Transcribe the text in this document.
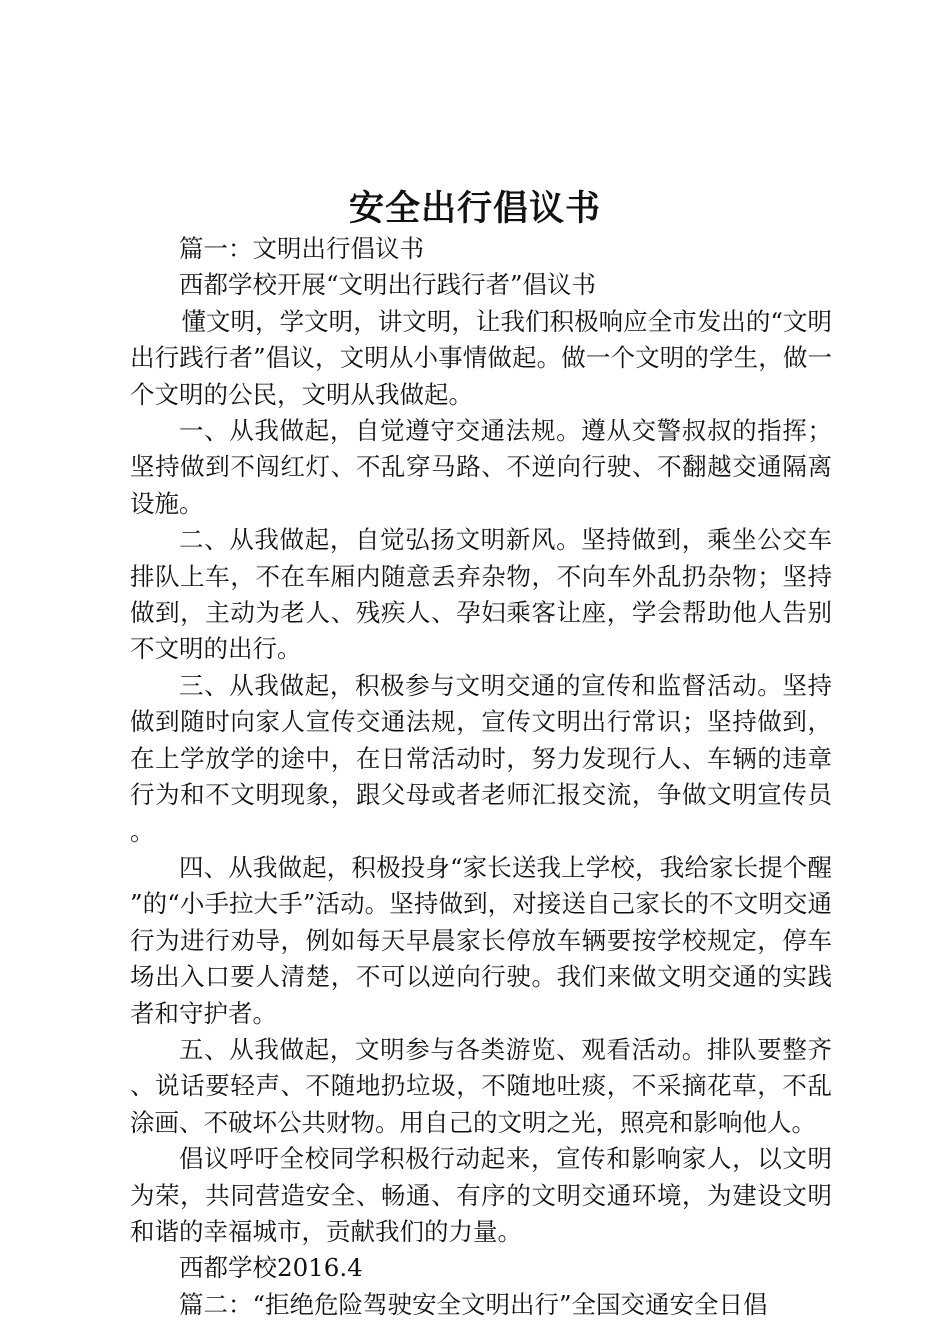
安全出行倡议书

篇一：文明出行倡议书

西都学校开展“文明出行践行者”倡议书

懂文明，学文明，讲文明，让我们积极响应全市发出的“文明出行践行者”倡议，文明从小事情做起。做一个文明的学生，做一个文明的公民，文明从我做起。

一、从我做起，自觉遵守交通法规。遵从交警叔叔的指挥；坚持做到不闯红灯、不乱穿马路、不逆向行驶、不翻越交通隔离设施。

二、从我做起，自觉弘扬文明新风。坚持做到，乘坐公交车排队上车，不在车厢内随意丢弃杂物，不向车外乱扔杂物；坚持做到，主动为老人、残疾人、孕妇乘客让座，学会帮助他人告别不文明的出行。

三、从我做起，积极参与文明交通的宣传和监督活动。坚持做到随时向家人宣传交通法规，宣传文明出行常识；坚持做到，在上学放学的途中，在日常活动时，努力发现行人、车辆的违章行为和不文明现象，跟父母或者老师汇报交流，争做文明宣传员。

四、从我做起，积极投身“家长送我上学校，我给家长提个醒”的“小手拉大手”活动。坚持做到，对接送自己家长的不文明交通行为进行劝导，例如每天早晨家长停放车辆要按学校规定，停车场出入口要人清楚，不可以逆向行驶。我们来做文明交通的实践者和守护者。

五、从我做起，文明参与各类游览、观看活动。排队要整齐、说话要轻声、不随地扔垃圾，不随地吐痰，不采摘花草，不乱涂画、不破坏公共财物。用自己的文明之光，照亮和影响他人。

倡议呼吁全校同学积极行动起来，宣传和影响家人，以文明为荣，共同营造安全、畅通、有序的文明交通环境，为建设文明和谐的幸福城市，贡献我们的力量。

西都学校2016.4

篇二：“拒绝危险驾驶安全文明出行”全国交通安全日倡
